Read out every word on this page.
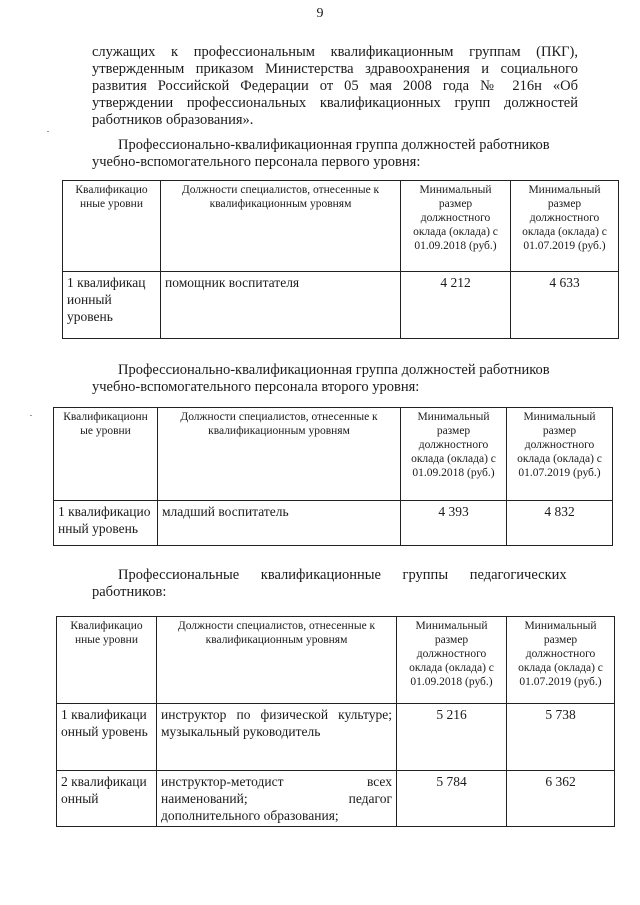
9
служащих к профессиональным квалификационным группам (ПКГ),
утвержденным приказом Министерства здравоохранения и социального
развития Российской Федерации от 05 мая 2008 года № 216н «Об
утверждении профессиональных квалификационных групп должностей
работников образования».
Профессионально-квалификационная группа должностей работников
учебно-вспомогательного персонала первого уровня:
Квалификацио нные уровни	Должности специалистов, отнесенные к квалификационным уровням	Минимальный размер должностного оклада (оклада) с 01.09.2018 (руб.)	Минимальный размер должностного оклада (оклада) с 01.07.2019 (руб.)
1 квалификац ионный уровень	помощник воспитателя	4 212	4 633
Профессионально-квалификационная группа должностей работников
учебно-вспомогательного персонала второго уровня:
Квалификационн ые уровни	Должности специалистов, отнесенные к квалификационным уровням	Минимальный размер должностного оклада (оклада) с 01.09.2018 (руб.)	Минимальный размер должностного оклада (оклада) с 01.07.2019 (руб.)
1 квалификацио нный уровень	младший воспитатель	4 393	4 832
Профессиональные квалификационные группы педагогических
работников:
Квалификацио нные уровни	Должности специалистов, отнесенные к квалификационным уровням	Минимальный размер должностного оклада (оклада) с 01.09.2018 (руб.)	Минимальный размер должностного оклада (оклада) с 01.07.2019 (руб.)
1 квалификаци онный уровень	инструктор по физической культуре; музыкальный руководитель	5 216	5 738
2 квалификаци онный	инструктор-методист всех наименований; педагог дополнительного образования;	5 784	6 362
